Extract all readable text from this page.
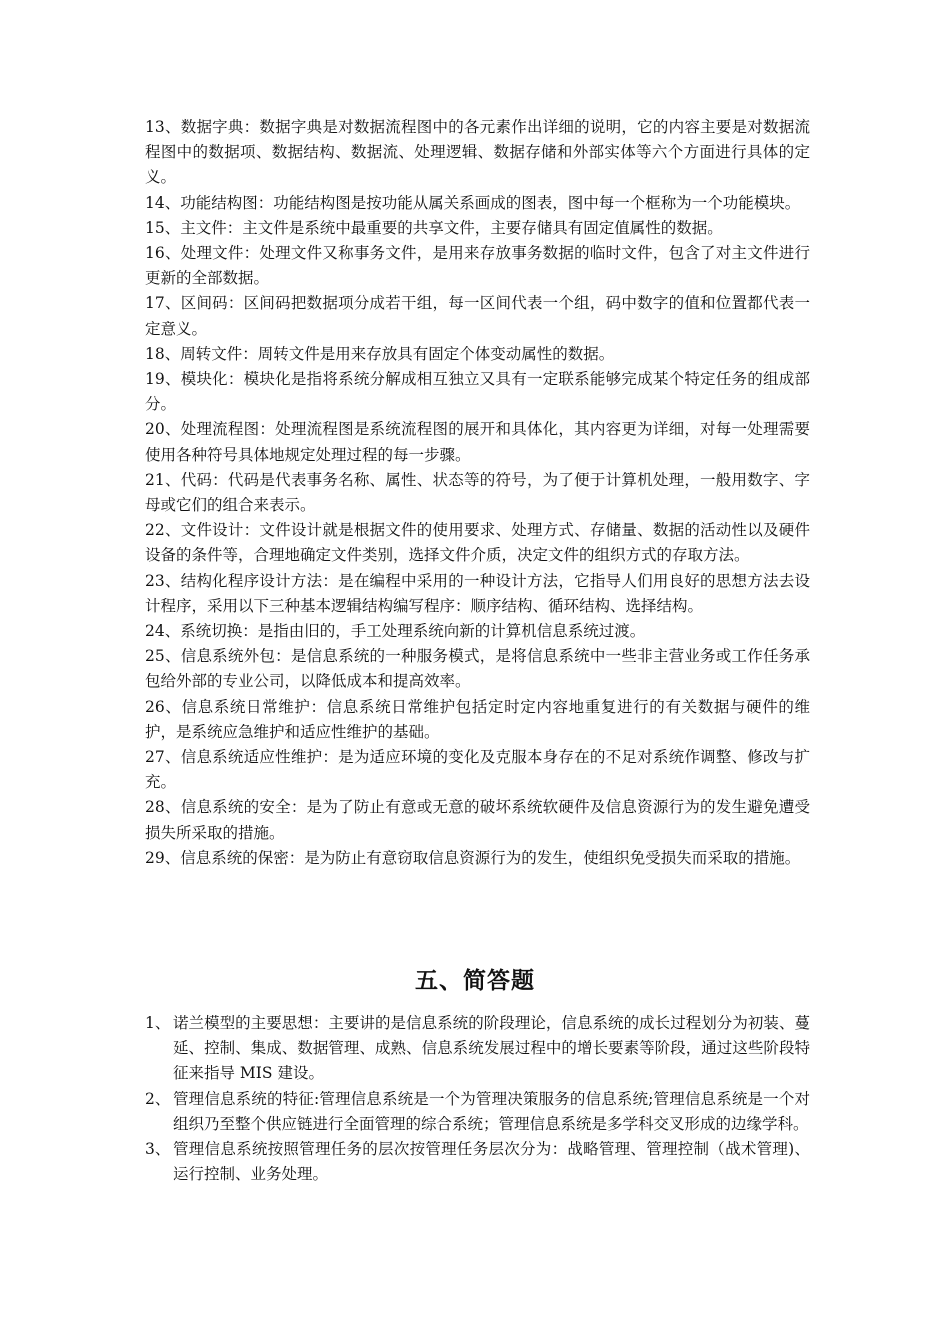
13、数据字典：数据字典是对数据流程图中的各元素作出详细的说明，它的内容主要是对数据流程图中的数据项、数据结构、数据流、处理逻辑、数据存储和外部实体等六个方面进行具体的定义。

14、功能结构图：功能结构图是按功能从属关系画成的图表，图中每一个框称为一个功能模块。

15、主文件：主文件是系统中最重要的共享文件，主要存储具有固定值属性的数据。

16、处理文件：处理文件又称事务文件，是用来存放事务数据的临时文件，包含了对主文件进行更新的全部数据。

17、区间码：区间码把数据项分成若干组，每一区间代表一个组，码中数字的值和位置都代表一定意义。

18、周转文件：周转文件是用来存放具有固定个体变动属性的数据。

19、模块化：模块化是指将系统分解成相互独立又具有一定联系能够完成某个特定任务的组成部分。

20、处理流程图：处理流程图是系统流程图的展开和具体化，其内容更为详细，对每一处理需要使用各种符号具体地规定处理过程的每一步骤。

21、代码：代码是代表事务名称、属性、状态等的符号，为了便于计算机处理，一般用数字、字母或它们的组合来表示。

22、文件设计：文件设计就是根据文件的使用要求、处理方式、存储量、数据的活动性以及硬件设备的条件等，合理地确定文件类别，选择文件介质，决定文件的组织方式的存取方法。

23、结构化程序设计方法：是在编程中采用的一种设计方法，它指导人们用良好的思想方法去设计程序，采用以下三种基本逻辑结构编写程序：顺序结构、循环结构、选择结构。

24、系统切换：是指由旧的，手工处理系统向新的计算机信息系统过渡。

25、信息系统外包：是信息系统的一种服务模式，是将信息系统中一些非主营业务或工作任务承包给外部的专业公司，以降低成本和提高效率。

26、信息系统日常维护：信息系统日常维护包括定时定内容地重复进行的有关数据与硬件的维护，是系统应急维护和适应性维护的基础。

27、信息系统适应性维护：是为适应环境的变化及克服本身存在的不足对系统作调整、修改与扩充。

28、信息系统的安全：是为了防止有意或无意的破坏系统软硬件及信息资源行为的发生避免遭受损失所采取的措施。

29、信息系统的保密：是为防止有意窃取信息资源行为的发生，使组织免受损失而采取的措施。

五、简答题
1、 诺兰模型的主要思想：主要讲的是信息系统的阶段理论，信息系统的成长过程划分为初装、蔓延、控制、集成、数据管理、成熟、信息系统发展过程中的增长要素等阶段，通过这些阶段特征来指导 MIS 建设。
2、 管理信息系统的特征:管理信息系统是一个为管理决策服务的信息系统;管理信息系统是一个对组织乃至整个供应链进行全面管理的综合系统；管理信息系统是多学科交叉形成的边缘学科。
3、 管理信息系统按照管理任务的层次按管理任务层次分为：战略管理、管理控制（战术管理)、运行控制、业务处理。
